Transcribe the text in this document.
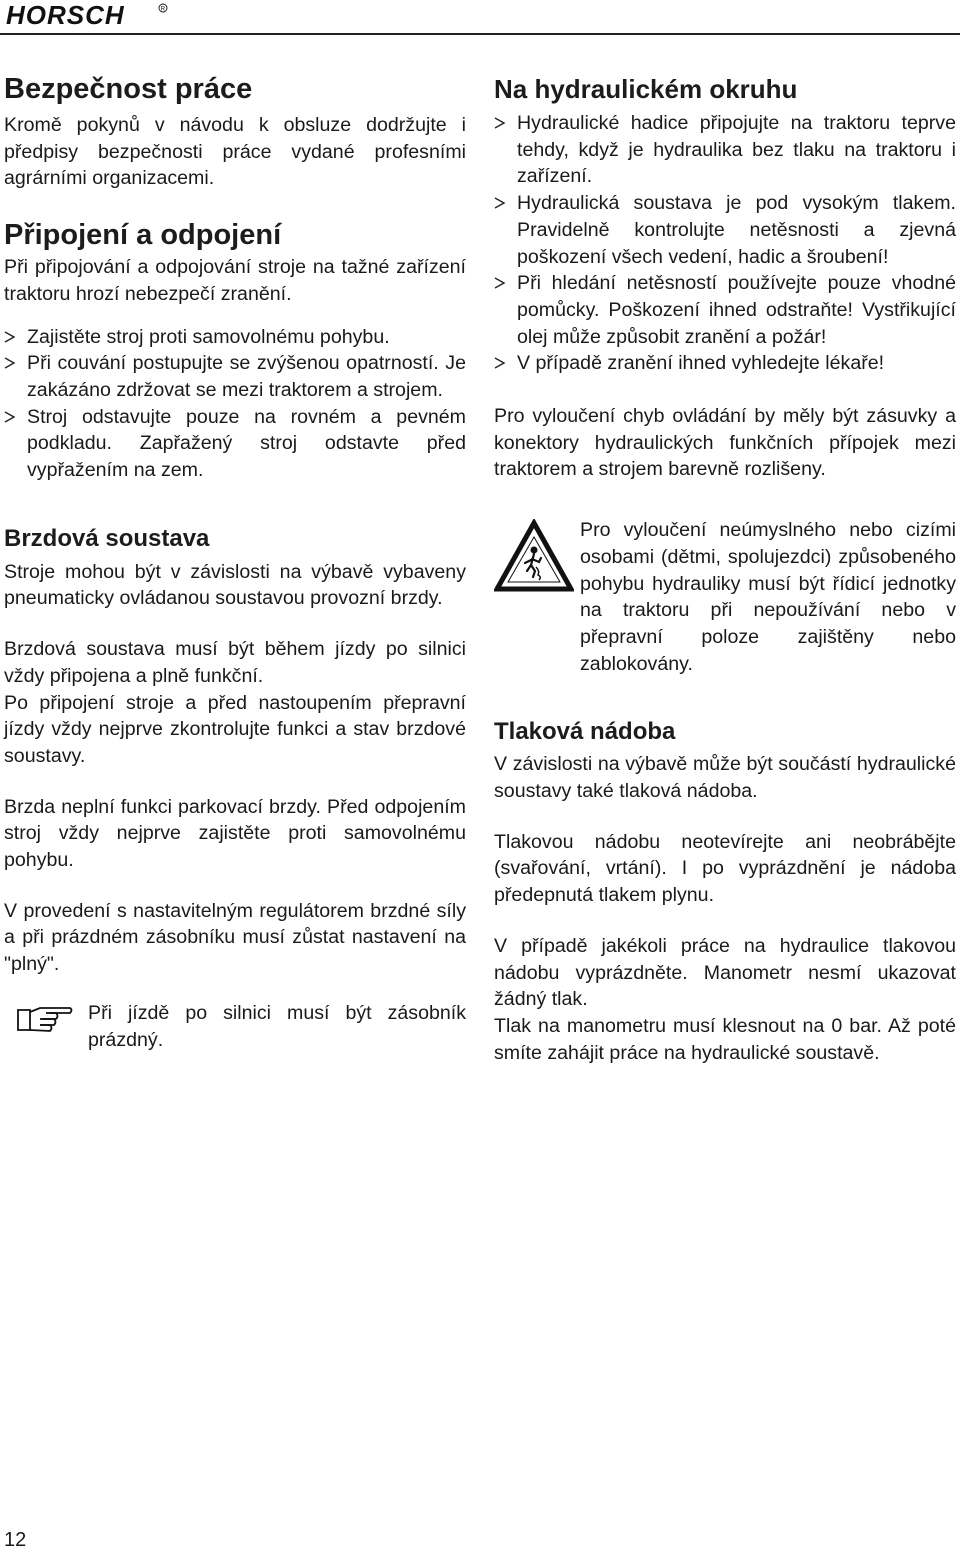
HORSCH	R
Bezpečnost práce

Kromě pokynů v návodu k obsluze dodržujte i předpisy bezpečnosti práce vydané profesními agrárními organizacemi.

Připojení a odpojení

Při připojování a odpojování stroje na tažné zařízení traktoru hrozí nebezpečí zranění.

Zajistěte stroj proti samovolnému pohybu.
Při couvání postupujte se zvýšenou opatrností. Je zakázáno zdržovat se mezi traktorem a strojem.
Stroj odstavujte pouze na rovném a pevném podkladu. Zapřažený stroj odstavte před vypřažením na zem.
Brzdová soustava

Stroje mohou být v závislosti na výbavě vybaveny pneumaticky ovládanou soustavou provozní brzdy.

Brzdová soustava musí být během jízdy po silnici vždy připojena a plně funkční.

Po připojení stroje a před nastoupením přepravní jízdy vždy nejprve zkontrolujte funkci a stav brzdové soustavy.

Brzda neplní funkci parkovací brzdy. Před odpojením stroj vždy nejprve zajistěte proti samovolnému pohybu.

V provedení s nastavitelným regulátorem brzdné síly a při prázdném zásobníku musí zůstat nastavení na "plný".

Při jízdě po silnici musí být zásobník prázdný.

Na hydraulickém okruhu
Hydraulické hadice připojujte na traktoru teprve tehdy, když je hydraulika bez tlaku na traktoru i zařízení.
Hydraulická soustava je pod vysokým tlakem. Pravidelně kontrolujte netěsnosti a zjevná poškození všech vedení, hadic a šroubení!
Při hledání netěsností používejte pouze vhodné pomůcky. Poškození ihned odstraňte! Vystřikující olej může způsobit zranění a požár!
V případě zranění ihned vyhledejte lékaře!

Pro vyloučení chyb ovládání by měly být zásuvky a konektory hydraulických funkčních přípojek mezi traktorem a strojem barevně rozlišeny.

Pro vyloučení neúmyslného nebo cizími osobami (dětmi, spolujezdci) způsobeného pohybu hydrauliky musí být řídicí jednotky na traktoru při nepoužívání nebo v přepravní poloze zajištěny nebo zablokovány.

Tlaková nádoba

V závislosti na výbavě může být součástí hydraulické soustavy také tlaková nádoba.

Tlakovou nádobu neotevírejte ani neobrábějte (svařování, vrtání). I po vyprázdnění je nádoba předepnutá tlakem plynu.

V případě jakékoli práce na hydraulice tlakovou nádobu vyprázdněte. Manometr nesmí ukazovat žádný tlak.

Tlak na manometru musí klesnout na 0 bar. Až poté smíte zahájit práce na hydraulické soustavě.

12
